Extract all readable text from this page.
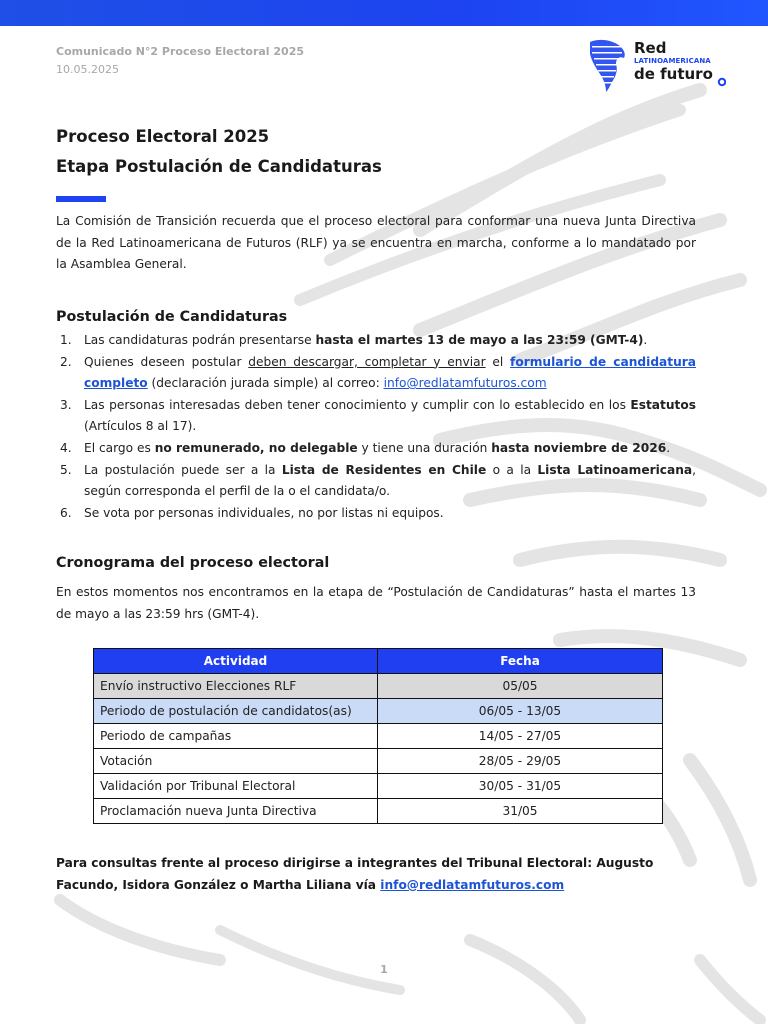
Comunicado N°2 Proceso Electoral 2025
10.05.2025
Red
LATINOAMERICANA
de futuro
Proceso Electoral 2025
Etapa Postulación de Candidaturas

La Comisión de Transición recuerda que el proceso electoral para conformar una nueva Junta Directiva de la Red Latinoamericana de Futuros (RLF) ya se encuentra en marcha, conforme a lo mandatado por la Asamblea General.

Postulación de Candidaturas
1.	Las candidaturas podrán presentarse hasta el martes 13 de mayo a las 23:59 (GMT-4).
2.	Quienes deseen postular deben descargar, completar y enviar el formulario de candidatura completo (declaración jurada simple) al correo: info@redlatamfuturos.com
3.	Las personas interesadas deben tener conocimiento y cumplir con lo establecido en los Estatutos (Artículos 8 al 17).
4.	El cargo es no remunerado, no delegable y tiene una duración hasta noviembre de 2026.
5.	La postulación puede ser a la Lista de Residentes en Chile o a la Lista Latinoamericana, según corresponda el perfil de la o el candidata/o.
6.	Se vota por personas individuales, no por listas ni equipos.
Cronograma del proceso electoral

En estos momentos nos encontramos en la etapa de “Postulación de Candidaturas” hasta el martes 13 de mayo a las 23:59 hrs (GMT-4).

Actividad	Fecha
Envío instructivo Elecciones RLF	05/05
Periodo de postulación de candidatos(as)	06/05 - 13/05
Periodo de campañas	14/05 - 27/05
Votación	28/05 - 29/05
Validación por Tribunal Electoral	30/05 - 31/05
Proclamación nueva Junta Directiva	31/05

Para consultas frente al proceso dirigirse a integrantes del Tribunal Electoral: Augusto Facundo, Isidora González o Martha Liliana vía info@redlatamfuturos.com

1
